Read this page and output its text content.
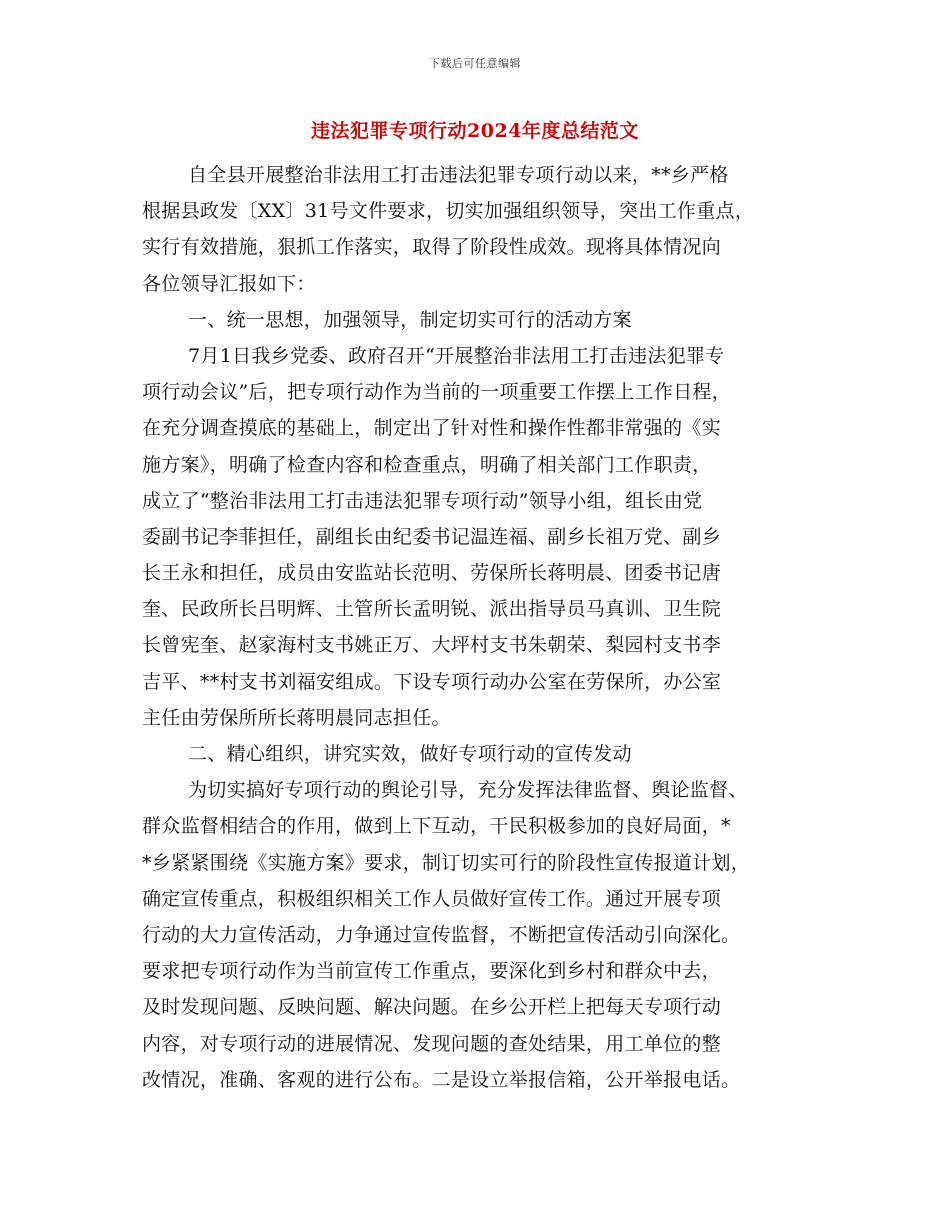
下载后可任意编辑
违法犯罪专项行动2024年度总结范文
自全县开展整治非法用工打击违法犯罪专项行动以来，**乡严格
根据县政发〔XX〕31号文件要求，切实加强组织领导，突出工作重点，
实行有效措施，狠抓工作落实，取得了阶段性成效。现将具体情况向
各位领导汇报如下：
一、统一思想，加强领导，制定切实可行的活动方案
7月1日我乡党委、政府召开“开展整治非法用工打击违法犯罪专
项行动会议”后，把专项行动作为当前的一项重要工作摆上工作日程，
在充分调查摸底的基础上，制定出了针对性和操作性都非常强的《实
施方案》，明确了检查内容和检查重点，明确了相关部门工作职责，
成立了“整治非法用工打击违法犯罪专项行动”领导小组，组长由党
委副书记李菲担任，副组长由纪委书记温连福、副乡长祖万党、副乡
长王永和担任，成员由安监站长范明、劳保所长蒋明晨、团委书记唐
奎、民政所长吕明辉、土管所长孟明锐、派出指导员马真训、卫生院
长曾宪奎、赵家海村支书姚正万、大坪村支书朱朝荣、梨园村支书李
吉平、**村支书刘福安组成。下设专项行动办公室在劳保所，办公室
主任由劳保所所长蒋明晨同志担任。
二、精心组织，讲究实效，做好专项行动的宣传发动
为切实搞好专项行动的舆论引导，充分发挥法律监督、舆论监督、
群众监督相结合的作用，做到上下互动，干民积极参加的良好局面，*
*乡紧紧围绕《实施方案》要求，制订切实可行的阶段性宣传报道计划，
确定宣传重点，积极组织相关工作人员做好宣传工作。通过开展专项
行动的大力宣传活动，力争通过宣传监督，不断把宣传活动引向深化。
要求把专项行动作为当前宣传工作重点，要深化到乡村和群众中去，
及时发现问题、反映问题、解决问题。在乡公开栏上把每天专项行动
内容，对专项行动的进展情况、发现问题的查处结果，用工单位的整
改情况，准确、客观的进行公布。二是设立举报信箱，公开举报电话。
